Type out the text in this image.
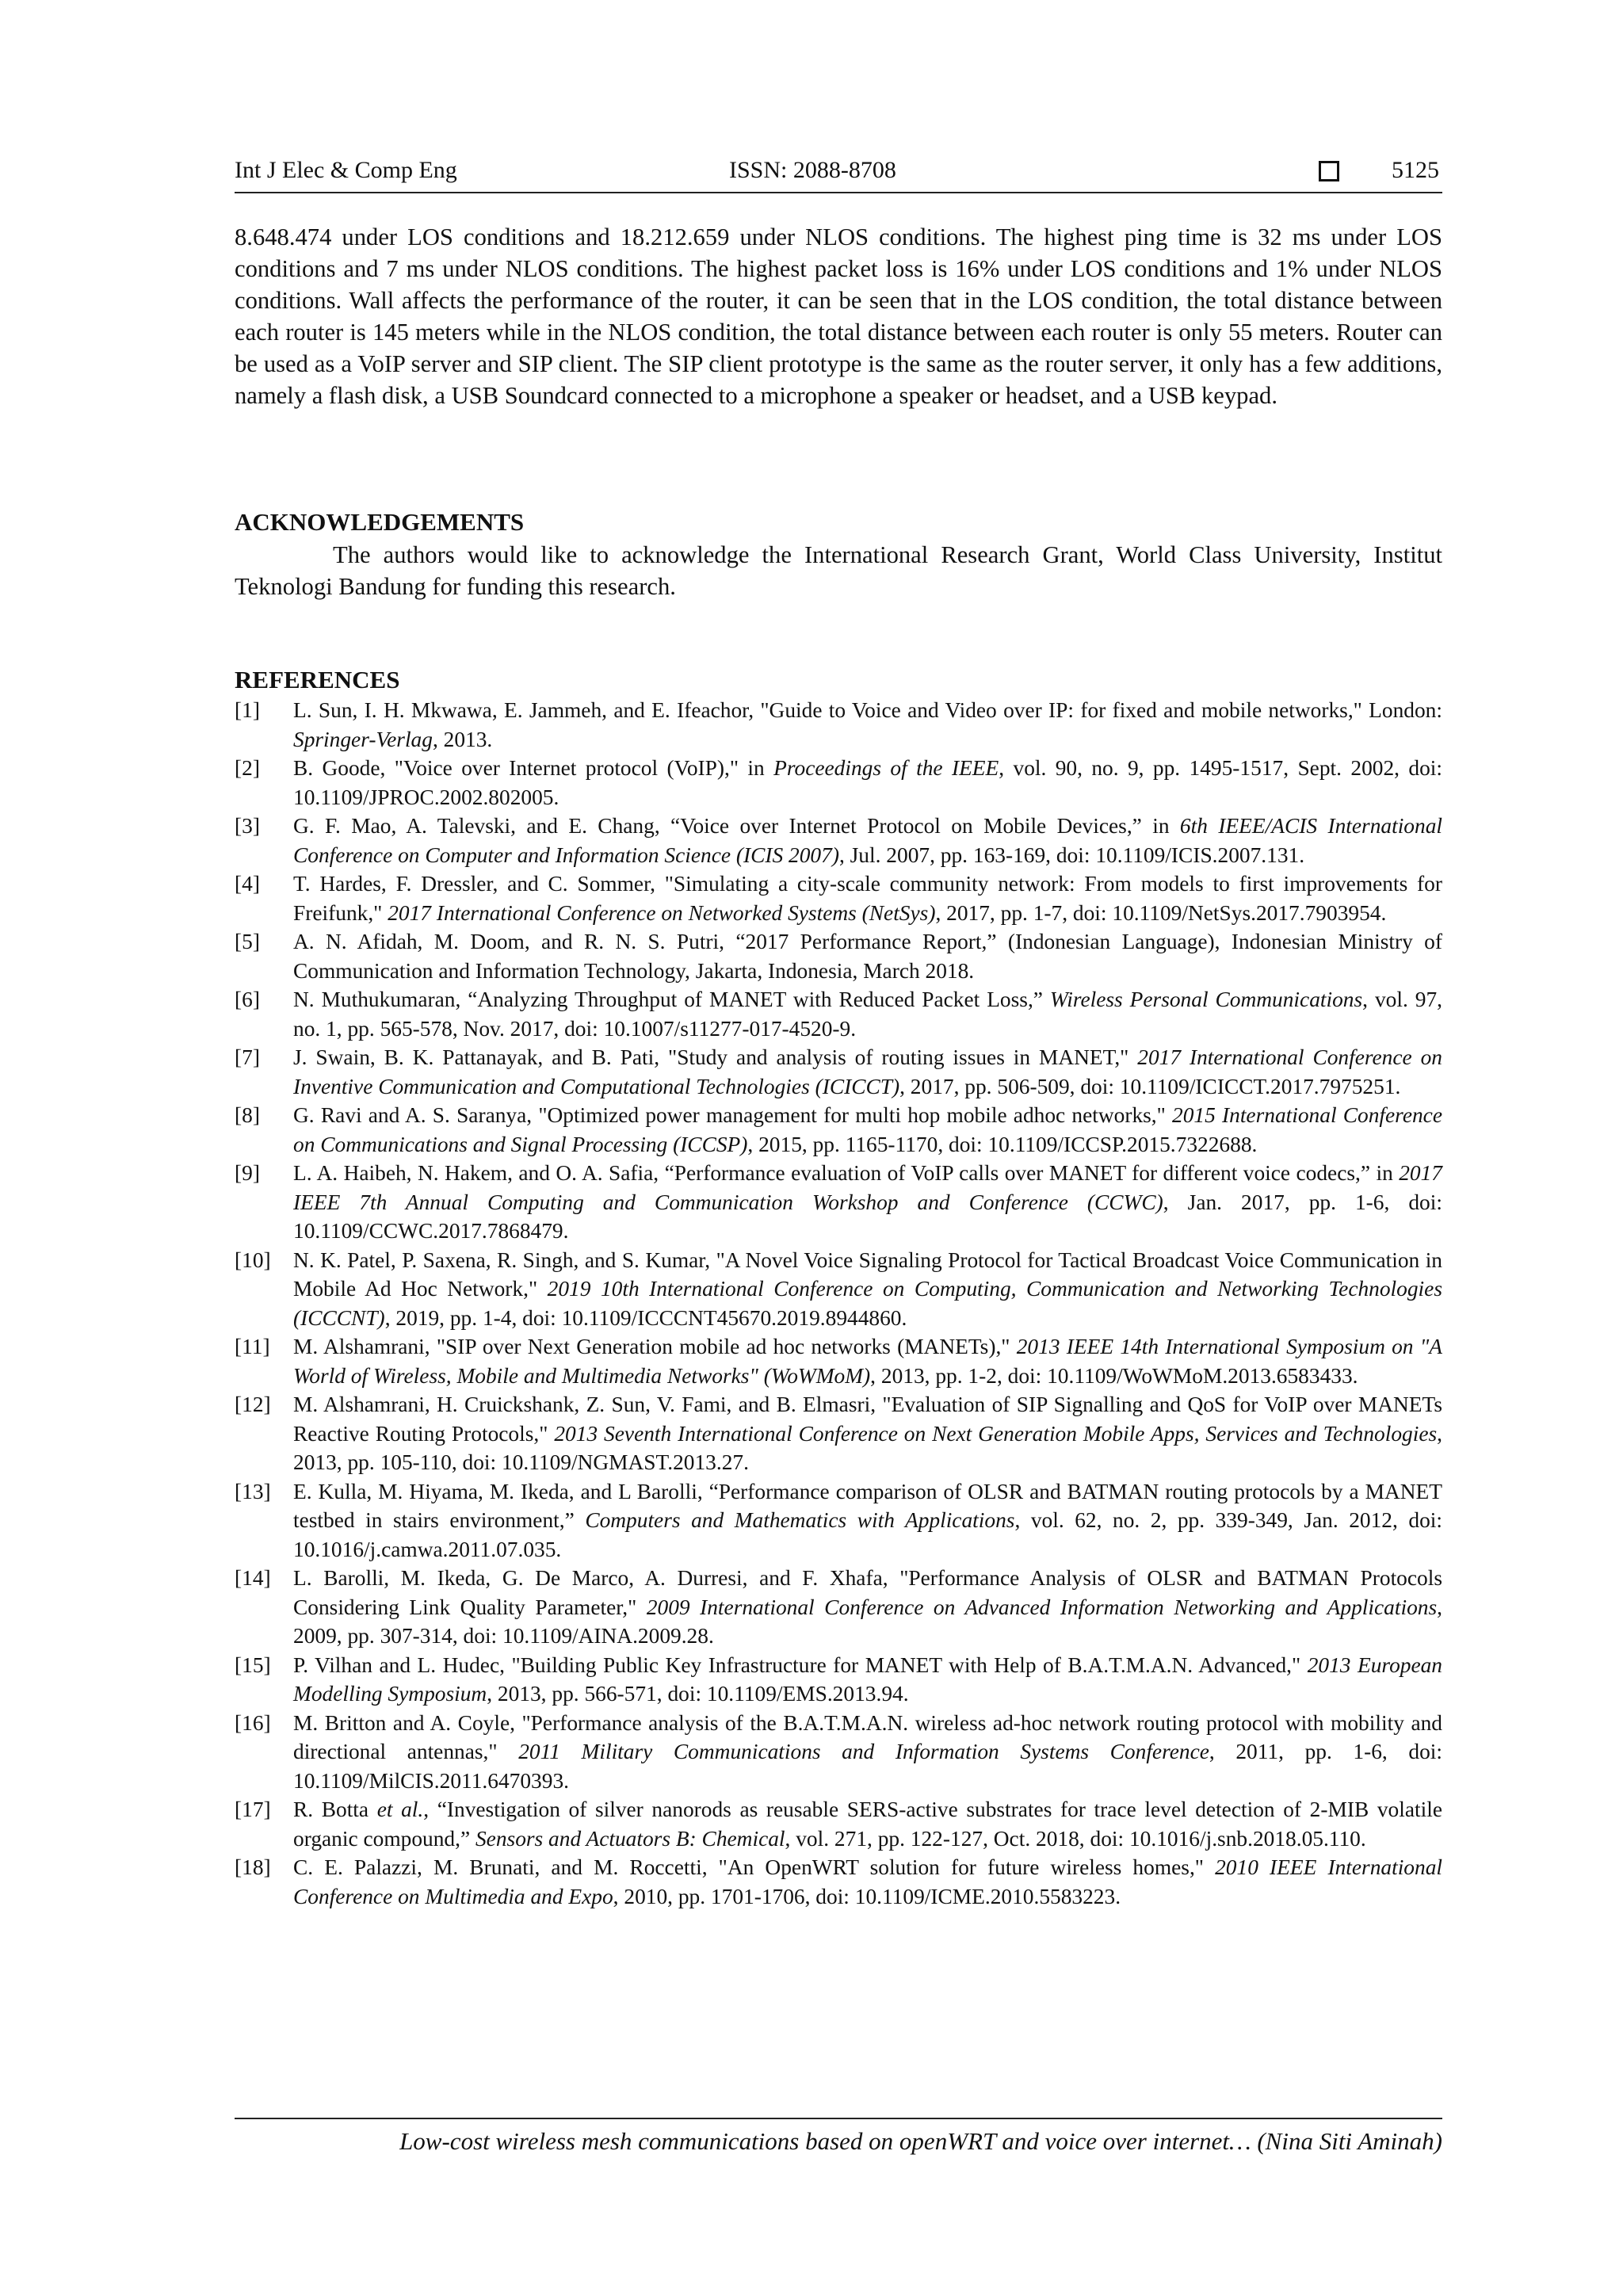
Int J Elec & Comp Eng	ISSN: 2088-8708	5125

8.648.474 under LOS conditions and 18.212.659 under NLOS conditions. The highest ping time is 32 ms under LOS conditions and 7 ms under NLOS conditions. The highest packet loss is 16% under LOS conditions and 1% under NLOS conditions. Wall affects the performance of the router, it can be seen that in the LOS condition, the total distance between each router is 145 meters while in the NLOS condition, the total distance between each router is only 55 meters. Router can be used as a VoIP server and SIP client. The SIP client prototype is the same as the router server, it only has a few additions, namely a flash disk, a USB Soundcard connected to a microphone a speaker or headset, and a USB keypad.

ACKNOWLEDGEMENTS

The authors would like to acknowledge the International Research Grant, World Class University, Institut Teknologi Bandung for funding this research.

REFERENCES
[1]	L. Sun, I. H. Mkwawa, E. Jammeh, and E. Ifeachor, "Guide to Voice and Video over IP: for fixed and mobile networks," London: Springer-Verlag, 2013.
[2]	B. Goode, "Voice over Internet protocol (VoIP)," in Proceedings of the IEEE, vol. 90, no. 9, pp. 1495-1517, Sept. 2002, doi: 10.1109/JPROC.2002.802005.
[3]	G. F. Mao, A. Talevski, and E. Chang, “Voice over Internet Protocol on Mobile Devices,” in 6th IEEE/ACIS International Conference on Computer and Information Science (ICIS 2007), Jul. 2007, pp. 163-169, doi: 10.1109/ICIS.2007.131.
[4]	T. Hardes, F. Dressler, and C. Sommer, "Simulating a city-scale community network: From models to first improvements for Freifunk," 2017 International Conference on Networked Systems (NetSys), 2017, pp. 1-7, doi: 10.1109/NetSys.2017.7903954.
[5]	A. N. Afidah, M. Doom, and R. N. S. Putri, “2017 Performance Report,” (Indonesian Language), Indonesian Ministry of Communication and Information Technology, Jakarta, Indonesia, March 2018.
[6]	N. Muthukumaran, “Analyzing Throughput of MANET with Reduced Packet Loss,” Wireless Personal Communications, vol. 97, no. 1, pp. 565-578, Nov. 2017, doi: 10.1007/s11277-017-4520-9.
[7]	J. Swain, B. K. Pattanayak, and B. Pati, "Study and analysis of routing issues in MANET," 2017 International Conference on Inventive Communication and Computational Technologies (ICICCT), 2017, pp. 506-509, doi: 10.1109/ICICCT.2017.7975251.
[8]	G. Ravi and A. S. Saranya, "Optimized power management for multi hop mobile adhoc networks," 2015 International Conference on Communications and Signal Processing (ICCSP), 2015, pp. 1165-1170, doi: 10.1109/ICCSP.2015.7322688.
[9]	L. A. Haibeh, N. Hakem, and O. A. Safia, “Performance evaluation of VoIP calls over MANET for different voice codecs,” in 2017 IEEE 7th Annual Computing and Communication Workshop and Conference (CCWC), Jan. 2017, pp. 1-6, doi: 10.1109/CCWC.2017.7868479.
[10]	N. K. Patel, P. Saxena, R. Singh, and S. Kumar, "A Novel Voice Signaling Protocol for Tactical Broadcast Voice Communication in Mobile Ad Hoc Network," 2019 10th International Conference on Computing, Communication and Networking Technologies (ICCCNT), 2019, pp. 1-4, doi: 10.1109/ICCCNT45670.2019.8944860.
[11]	M. Alshamrani, "SIP over Next Generation mobile ad hoc networks (MANETs)," 2013 IEEE 14th International Symposium on "A World of Wireless, Mobile and Multimedia Networks" (WoWMoM), 2013, pp. 1-2, doi: 10.1109/WoWMoM.2013.6583433.
[12]	M. Alshamrani, H. Cruickshank, Z. Sun, V. Fami, and B. Elmasri, "Evaluation of SIP Signalling and QoS for VoIP over MANETs Reactive Routing Protocols," 2013 Seventh International Conference on Next Generation Mobile Apps, Services and Technologies, 2013, pp. 105-110, doi: 10.1109/NGMAST.2013.27.
[13]	E. Kulla, M. Hiyama, M. Ikeda, and L Barolli, “Performance comparison of OLSR and BATMAN routing protocols by a MANET testbed in stairs environment,” Computers and Mathematics with Applications, vol. 62, no. 2, pp. 339-349, Jan. 2012, doi: 10.1016/j.camwa.2011.07.035.
[14]	L. Barolli, M. Ikeda, G. De Marco, A. Durresi, and F. Xhafa, "Performance Analysis of OLSR and BATMAN Protocols Considering Link Quality Parameter," 2009 International Conference on Advanced Information Networking and Applications, 2009, pp. 307-314, doi: 10.1109/AINA.2009.28.
[15]	P. Vilhan and L. Hudec, "Building Public Key Infrastructure for MANET with Help of B.A.T.M.A.N. Advanced," 2013 European Modelling Symposium, 2013, pp. 566-571, doi: 10.1109/EMS.2013.94.
[16]	M. Britton and A. Coyle, "Performance analysis of the B.A.T.M.A.N. wireless ad-hoc network routing protocol with mobility and directional antennas," 2011 Military Communications and Information Systems Conference, 2011, pp. 1-6, doi: 10.1109/MilCIS.2011.6470393.
[17]	R. Botta et al., “Investigation of silver nanorods as reusable SERS-active substrates for trace level detection of 2-MIB volatile organic compound,” Sensors and Actuators B: Chemical, vol. 271, pp. 122-127, Oct. 2018, doi: 10.1016/j.snb.2018.05.110.
[18]	C. E. Palazzi, M. Brunati, and M. Roccetti, "An OpenWRT solution for future wireless homes," 2010 IEEE International Conference on Multimedia and Expo, 2010, pp. 1701-1706, doi: 10.1109/ICME.2010.5583223.
Low-cost wireless mesh communications based on openWRT and voice over internet… (Nina Siti Aminah)
